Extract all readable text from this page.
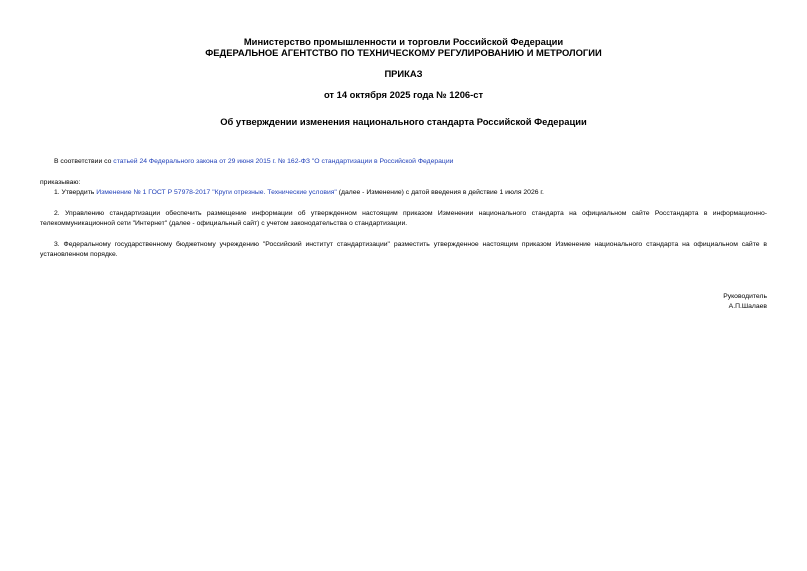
Министерство промышленности и торговли Российской Федерации
ФЕДЕРАЛЬНОЕ АГЕНТСТВО ПО ТЕХНИЧЕСКОМУ РЕГУЛИРОВАНИЮ И МЕТРОЛОГИИ
ПРИКАЗ
от 14 октября 2025 года № 1206-ст
Об утверждении изменения национального стандарта Российской Федерации
В соответствии со статьей 24 Федерального закона от 29 июня 2015 г. № 162-ФЗ "О стандартизации в Российской Федерации
приказываю:
1. Утвердить Изменение № 1 ГОСТ Р 57978-2017 "Круги отрезные. Технические условия" (далее - Изменение) с датой введения в действие 1 июля 2026 г.
2. Управлению стандартизации обеспечить размещение информации об утвержденном настоящим приказом Изменении национального стандарта на официальном сайте Росстандарта в информационно-телекоммуникационной сети "Интернет" (далее - официальный сайт) с учетом законодательства о стандартизации.
3. Федеральному государственному бюджетному учреждению "Российский институт стандартизации" разместить утвержденное настоящим приказом Изменение национального стандарта на официальном сайте в установленном порядке.
Руководитель
А.П.Шалаев
